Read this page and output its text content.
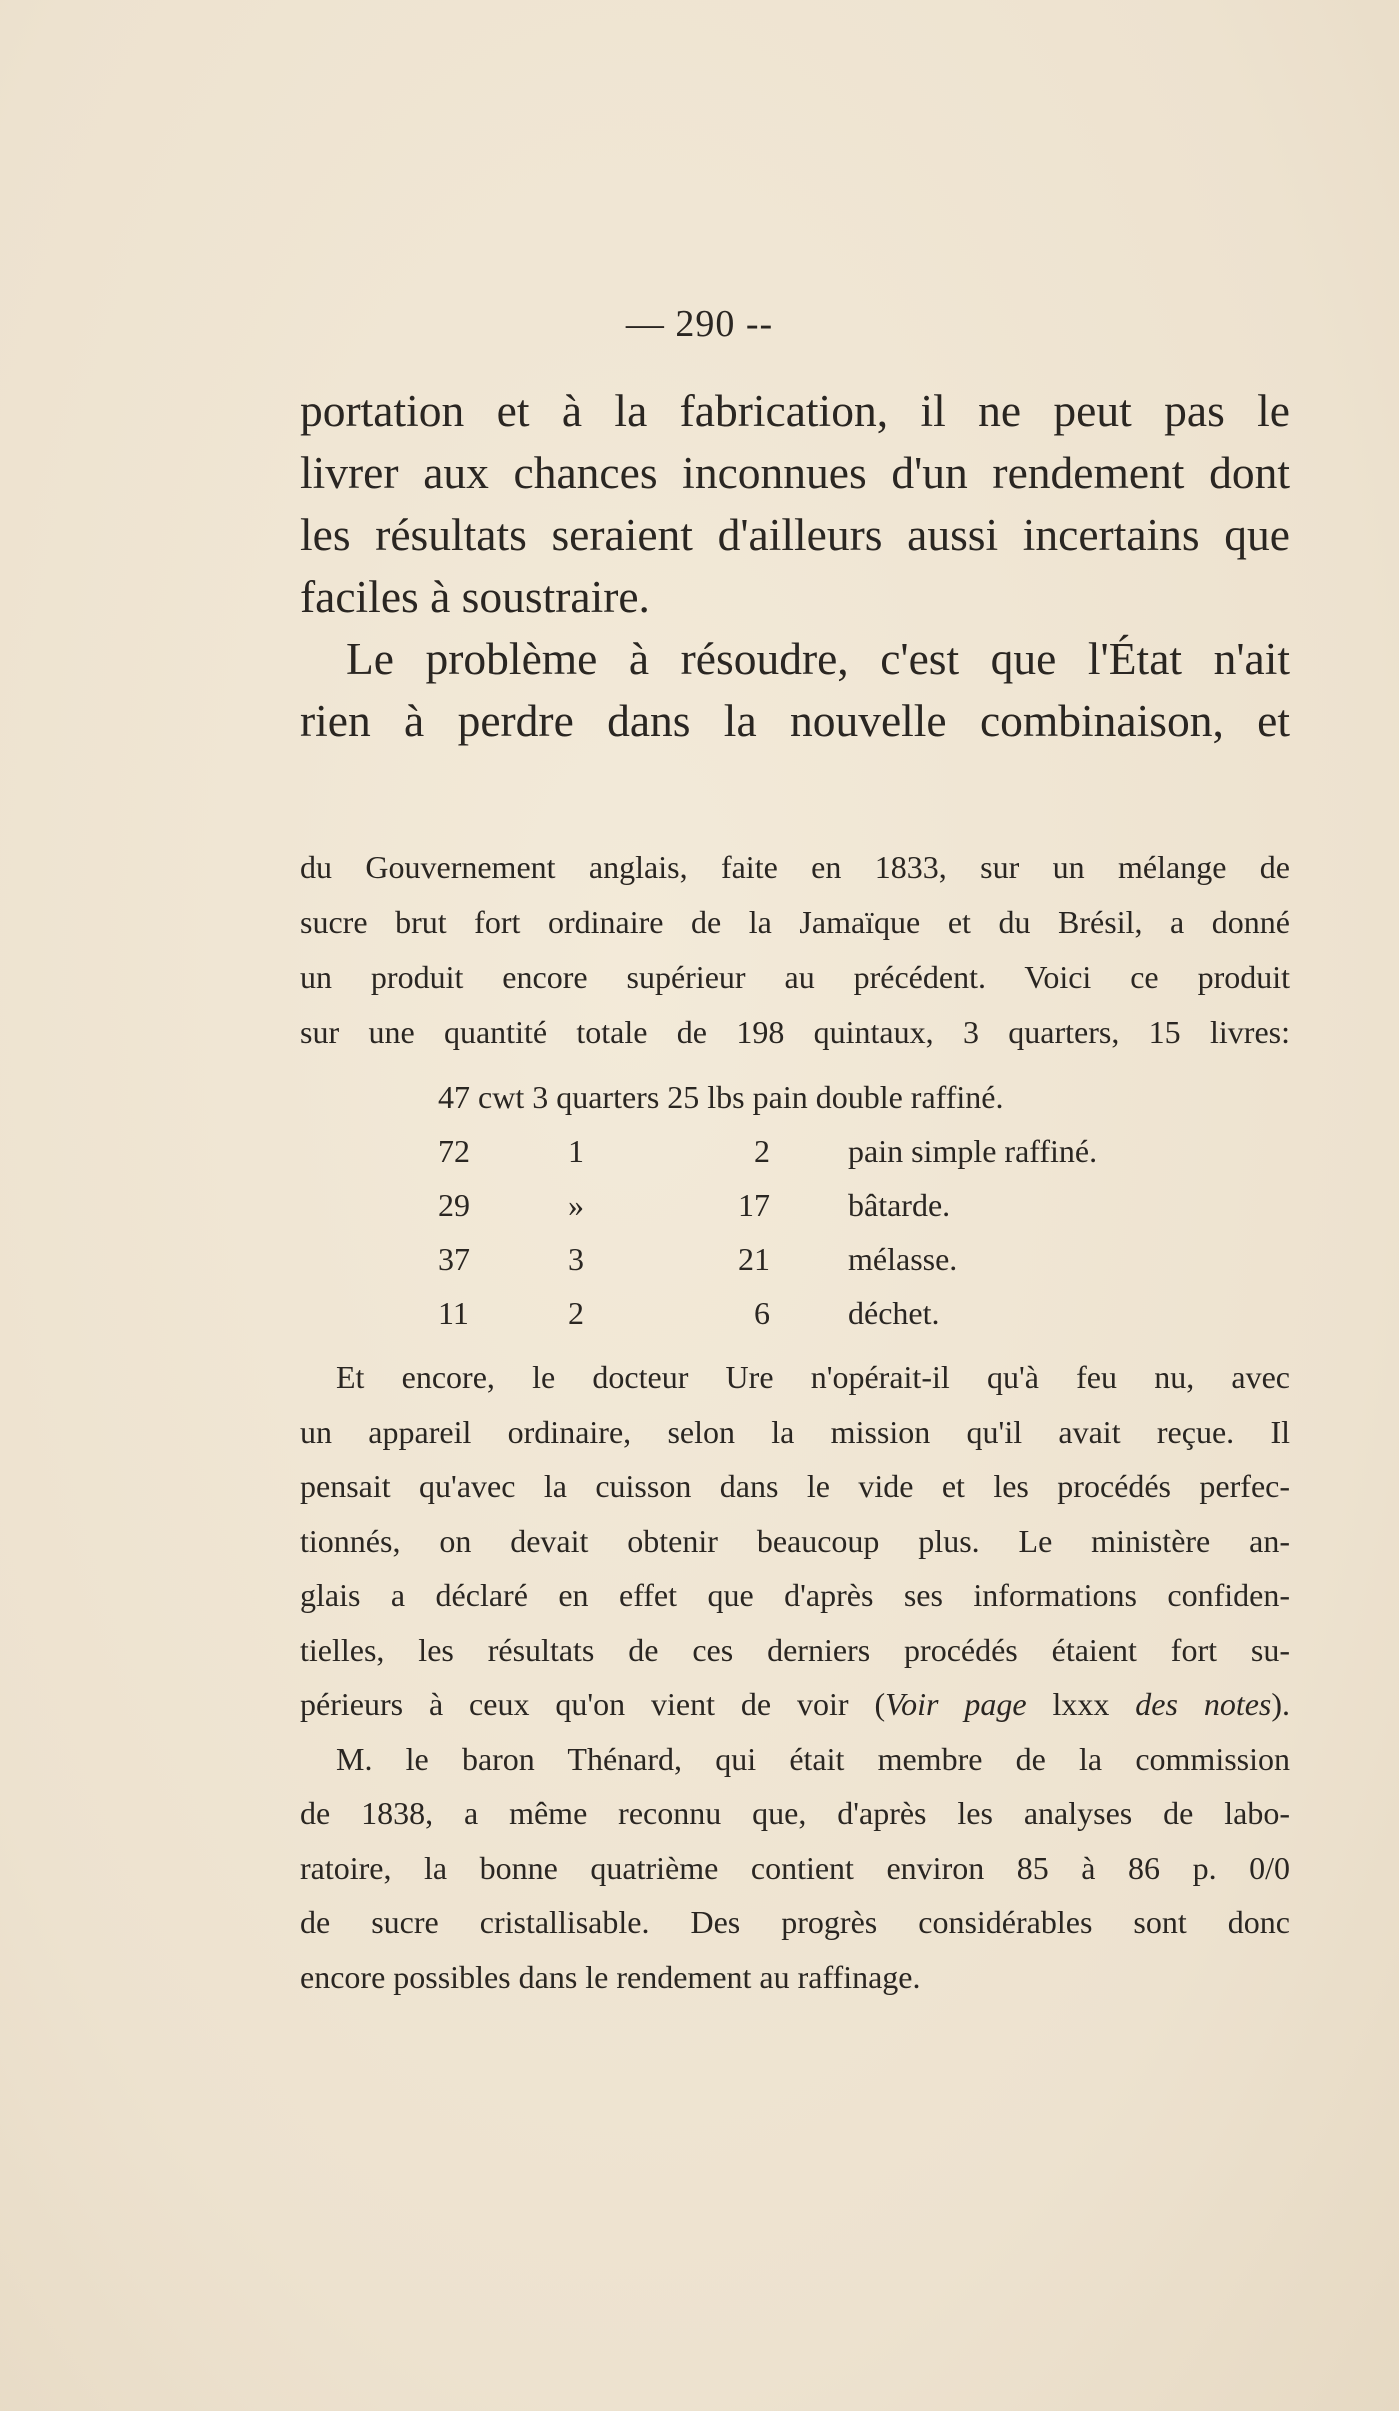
— 290 --
portation et à la fabrication, il ne peut pas le
livrer aux chances inconnues d'un rendement dont
les résultats seraient d'ailleurs aussi incertains que
faciles à soustraire.
Le problème à résoudre, c'est que l'État n'ait
rien à perdre dans la nouvelle combinaison, et
du Gouvernement anglais, faite en 1833, sur un mélange de
sucre brut fort ordinaire de la Jamaïque et du Brésil, a donné
un produit encore supérieur au précédent. Voici ce produit
sur une quantité totale de 198 quintaux, 3 quarters, 15 livres:
47 cwt 3 quarters 25 lbs pain double raffiné.
72	1	2 pain simple raffiné.
29	»	17 bâtarde.
37	3	21 mélasse.
11	2	6 déchet.
Et encore, le docteur Ure n'opérait-il qu'à feu nu, avec
un appareil ordinaire, selon la mission qu'il avait reçue. Il
pensait qu'avec la cuisson dans le vide et les procédés perfec-
tionnés, on devait obtenir beaucoup plus. Le ministère an-
glais a déclaré en effet que d'après ses informations confiden-
tielles, les résultats de ces derniers procédés étaient fort su-
périeurs à ceux qu'on vient de voir (Voir page lxxx des notes).
M. le baron Thénard, qui était membre de la commission
de 1838, a même reconnu que, d'après les analyses de labo-
ratoire, la bonne quatrième contient environ 85 à 86 p. 0/0
de sucre cristallisable. Des progrès considérables sont donc
encore possibles dans le rendement au raffinage.
